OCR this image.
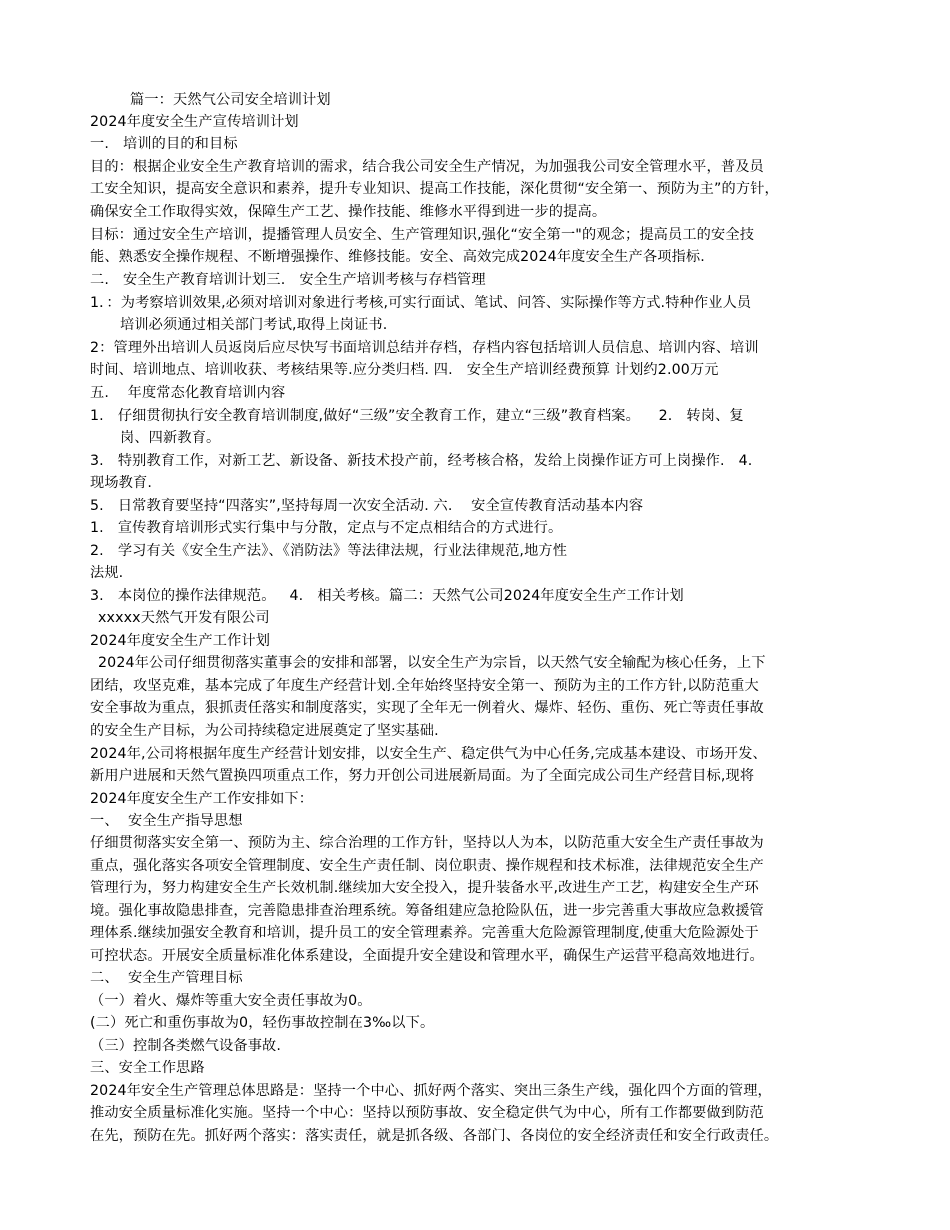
篇一：天然气公司安全培训计划
2024年度安全生产宣传培训计划
一.   培训的目的和目标
目的：根据企业安全生产教育培训的需求，结合我公司安全生产情况，为加强我公司安全管理水平，普及员
工安全知识，提高安全意识和素养，提升专业知识、提高工作技能，深化贯彻“安全第一、预防为主”的方针，
确保安全工作取得实效，保障生产工艺、操作技能、维修水平得到进一步的提高。
目标：通过安全生产培训，提播管理人员安全、生产管理知识,强化“安全第一"的观念；提高员工的安全技
能、熟悉安全操作规程、不断增强操作、维修技能。安全、高效完成2024年度安全生产各项指标.
二.   安全生产教育培训计划三.   安全生产培训考核与存档管理
1．：为考察培训效果,必须对培训对象进行考核,可实行面试、笔试、问答、实际操作等方式.特种作业人员
培训必须通过相关部门考试,取得上岗证书.
2：管理外出培训人员返岗后应尽快写书面培训总结并存档，存档内容包括培训人员信息、培训内容、培训
时间、培训地点、培训收获、考核结果等.应分类归档. 四.   安全生产培训经费预算 计划约2.00万元
五.    年度常态化教育培训内容
1.   仔细贯彻执行安全教育培训制度,做好“三级”安全教育工作，建立“三级”教育档案。    2.   转岗、复
岗、四新教育。
3.   特别教育工作，对新工艺、新设备、新技术投产前，经考核合格，发给上岗操作证方可上岗操作.   4.
现场教育.
5.   日常教育要坚持“四落实”,坚持每周一次安全活动. 六.    安全宣传教育活动基本内容
1.   宣传教育培训形式实行集中与分散，定点与不定点相结合的方式进行。
2.   学习有关《安全生产法》、《消防法》等法律法规，行业法律规范,地方性
法规.
3.   本岗位的操作法律规范。   4.   相关考核。篇二：天然气公司2024年度安全生产工作计划
xxxxx天然气开发有限公司
2024年度安全生产工作计划
2024年公司仔细贯彻落实董事会的安排和部署，以安全生产为宗旨，以天然气安全输配为核心任务，上下
团结，攻坚克难，基本完成了年度生产经营计划.全年始终坚持安全第一、预防为主的工作方针,以防范重大
安全事故为重点，狠抓责任落实和制度落实，实现了全年无一例着火、爆炸、轻伤、重伤、死亡等责任事故
的安全生产目标，为公司持续稳定进展奠定了坚实基础.
2024年,公司将根据年度生产经营计划安排，以安全生产、稳定供气为中心任务,完成基本建设、市场开发、
新用户进展和天然气置换四项重点工作，努力开创公司进展新局面。为了全面完成公司生产经营目标,现将
2024年度安全生产工作安排如下：
一、  安全生产指导思想
仔细贯彻落实安全第一、预防为主、综合治理的工作方针，坚持以人为本，以防范重大安全生产责任事故为
重点，强化落实各项安全管理制度、安全生产责任制、岗位职责、操作规程和技术标准，法律规范安全生产
管理行为，努力构建安全生产长效机制.继续加大安全投入，提升装备水平,改进生产工艺，构建安全生产环
境。强化事故隐患排查，完善隐患排查治理系统。筹备组建应急抢险队伍，进一步完善重大事故应急救援管
理体系.继续加强安全教育和培训，提升员工的安全管理素养。完善重大危险源管理制度,使重大危险源处于
可控状态。开展安全质量标准化体系建设，全面提升安全建设和管理水平，确保生产运营平稳高效地进行。
二、  安全生产管理目标
（一）着火、爆炸等重大安全责任事故为0。
(二）死亡和重伤事故为0，轻伤事故控制在3‰以下。
（三）控制各类燃气设备事故.
三、安全工作思路
2024年安全生产管理总体思路是：坚持一个中心、抓好两个落实、突出三条生产线，强化四个方面的管理，
推动安全质量标准化实施。坚持一个中心：坚持以预防事故、安全稳定供气为中心，所有工作都要做到防范
在先，预防在先。抓好两个落实：落实责任，就是抓各级、各部门、各岗位的安全经济责任和安全行政责任。
